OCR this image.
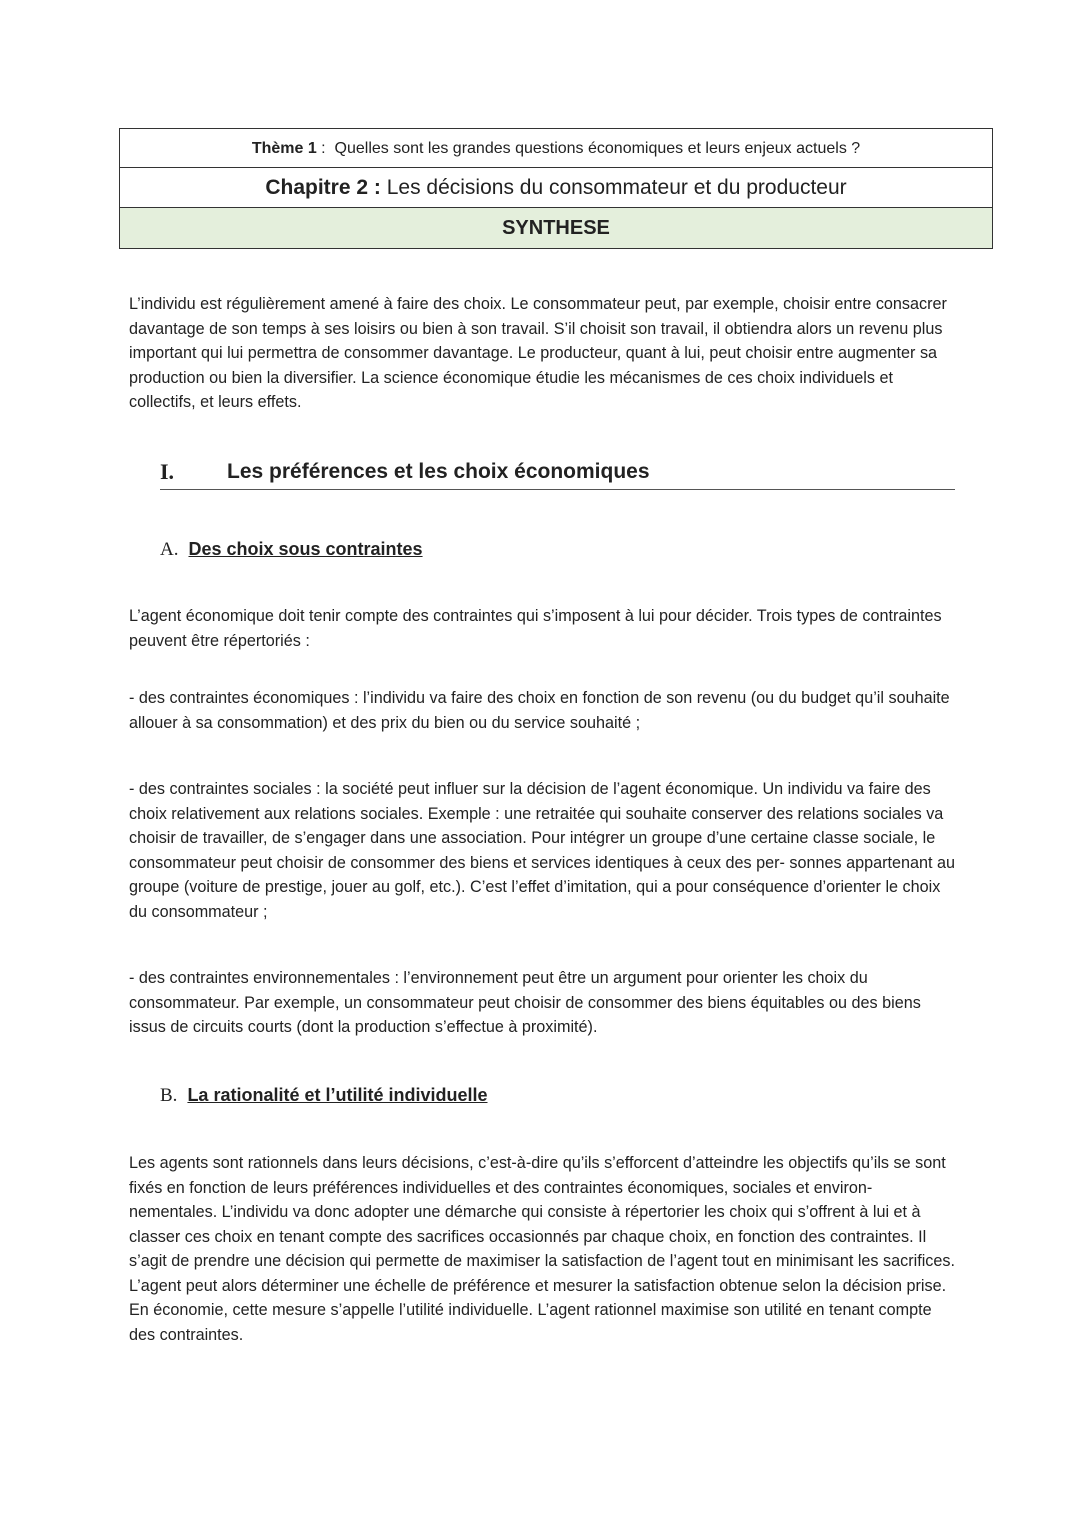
Thème 1 :  Quelles sont les grandes questions économiques et leurs enjeux actuels ?
Chapitre 2 : Les décisions du consommateur et du producteur
SYNTHESE

L’individu est régulièrement amené à faire des choix. Le consommateur peut, par exemple, choisir entre consacrer davantage de son temps à ses loisirs ou bien à son travail. S’il choisit son travail, il obtiendra alors un revenu plus important qui lui permettra de consommer davantage. Le producteur, quant à lui, peut choisir entre augmenter sa production ou bien la diversifier. La science économique étudie les mécanismes de ces choix individuels et collectifs, et leurs effets.

I.	Les préférences et les choix économiques
A. Des choix sous contraintes

L’agent économique doit tenir compte des contraintes qui s’imposent à lui pour décider. Trois types de contraintes peuvent être répertoriés :

- des contraintes économiques : l’individu va faire des choix en fonction de son revenu (ou du budget qu’il souhaite allouer à sa consommation) et des prix du bien ou du service souhaité ;

- des contraintes sociales : la société peut influer sur la décision de l’agent économique. Un individu va faire des choix relativement aux relations sociales. Exemple : une retraitée qui souhaite conserver des relations sociales va choisir de travailler, de s’engager dans une association. Pour intégrer un groupe d’une certaine classe sociale, le consommateur peut choisir de consommer des biens et services identiques à ceux des per- sonnes appartenant au groupe (voiture de prestige, jouer au golf, etc.). C’est l’effet d’imitation, qui a pour conséquence d’orienter le choix du consommateur ;

- des contraintes environnementales : l’environnement peut être un argument pour orienter les choix du consommateur. Par exemple, un consommateur peut choisir de consommer des biens équitables ou des biens issus de circuits courts (dont la production s’effectue à proximité).

B. La rationalité et l’utilité individuelle

Les agents sont rationnels dans leurs décisions, c’est-à-dire qu’ils s’efforcent d’atteindre les objectifs qu’ils se sont fixés en fonction de leurs préférences individuelles et des contraintes économiques, sociales et environ- nementales. L’individu va donc adopter une démarche qui consiste à répertorier les choix qui s’offrent à lui et à classer ces choix en tenant compte des sacrifices occasionnés par chaque choix, en fonction des contraintes. Il s’agit de prendre une décision qui permette de maximiser la satisfaction de l’agent tout en minimisant les sacrifices. L’agent peut alors déterminer une échelle de préférence et mesurer la satisfaction obtenue selon la décision prise. En économie, cette mesure s’appelle l’utilité individuelle. L’agent rationnel maximise son utilité en tenant compte des contraintes.
